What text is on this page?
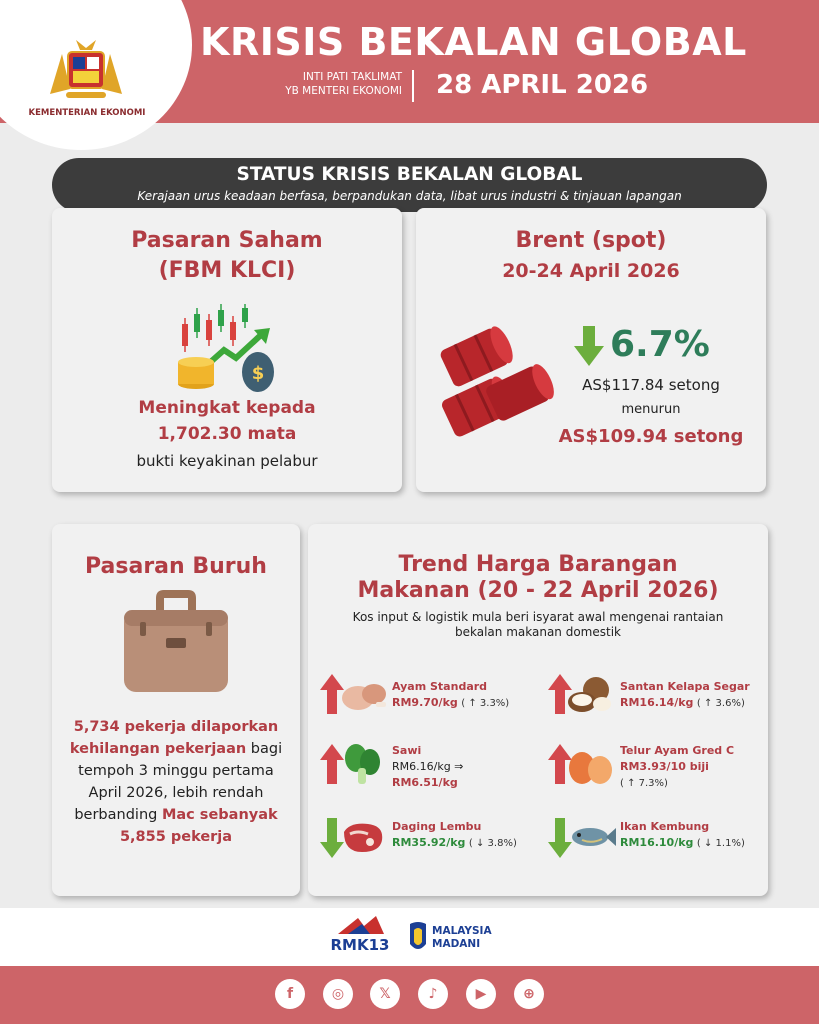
KEMENTERIAN EKONOMI
KRISIS BEKALAN GLOBAL
INTI PATI TAKLIMAT
YB MENTERI EKONOMI 28 APRIL 2026
STATUS KRISIS BEKALAN GLOBAL
Kerajaan urus keadaan berfasa, berpandukan data, libat urus industri & tinjauan lapangan
Pasaran Saham
(FBM KLCI)
$
Meningkat kepada
1,702.30 mata
bukti keyakinan pelabur
Brent (spot)
20-24 April 2026
6.7%
AS$117.84 setong
menurun
AS$109.94 setong
Pasaran Buruh
5,734 pekerja dilaporkan
kehilangan pekerjaan bagi
tempoh 3 minggu pertama
April 2026, lebih rendah
berbanding Mac sebanyak
5,855 pekerja
Trend Harga Barangan
Makanan (20 - 22 April 2026)
Kos input & logistik mula beri isyarat awal mengenai rantaian
bekalan makanan domestik
Ayam Standard
RM9.70/kg ( ↑ 3.3%)
Santan Kelapa Segar
RM16.14/kg ( ↑ 3.6%)
Sawi
RM6.16/kg ⇒
RM6.51/kg
Telur Ayam Gred C
RM3.93/10 biji
( ↑ 7.3%)
Daging Lembu
RM35.92/kg ( ↓ 3.8%)
Ikan Kembung
RM16.10/kg ( ↓ 1.1%)
RMK13
MALAYSIA
MADANI
f	◎	𝕏	♪	▶	⊕
